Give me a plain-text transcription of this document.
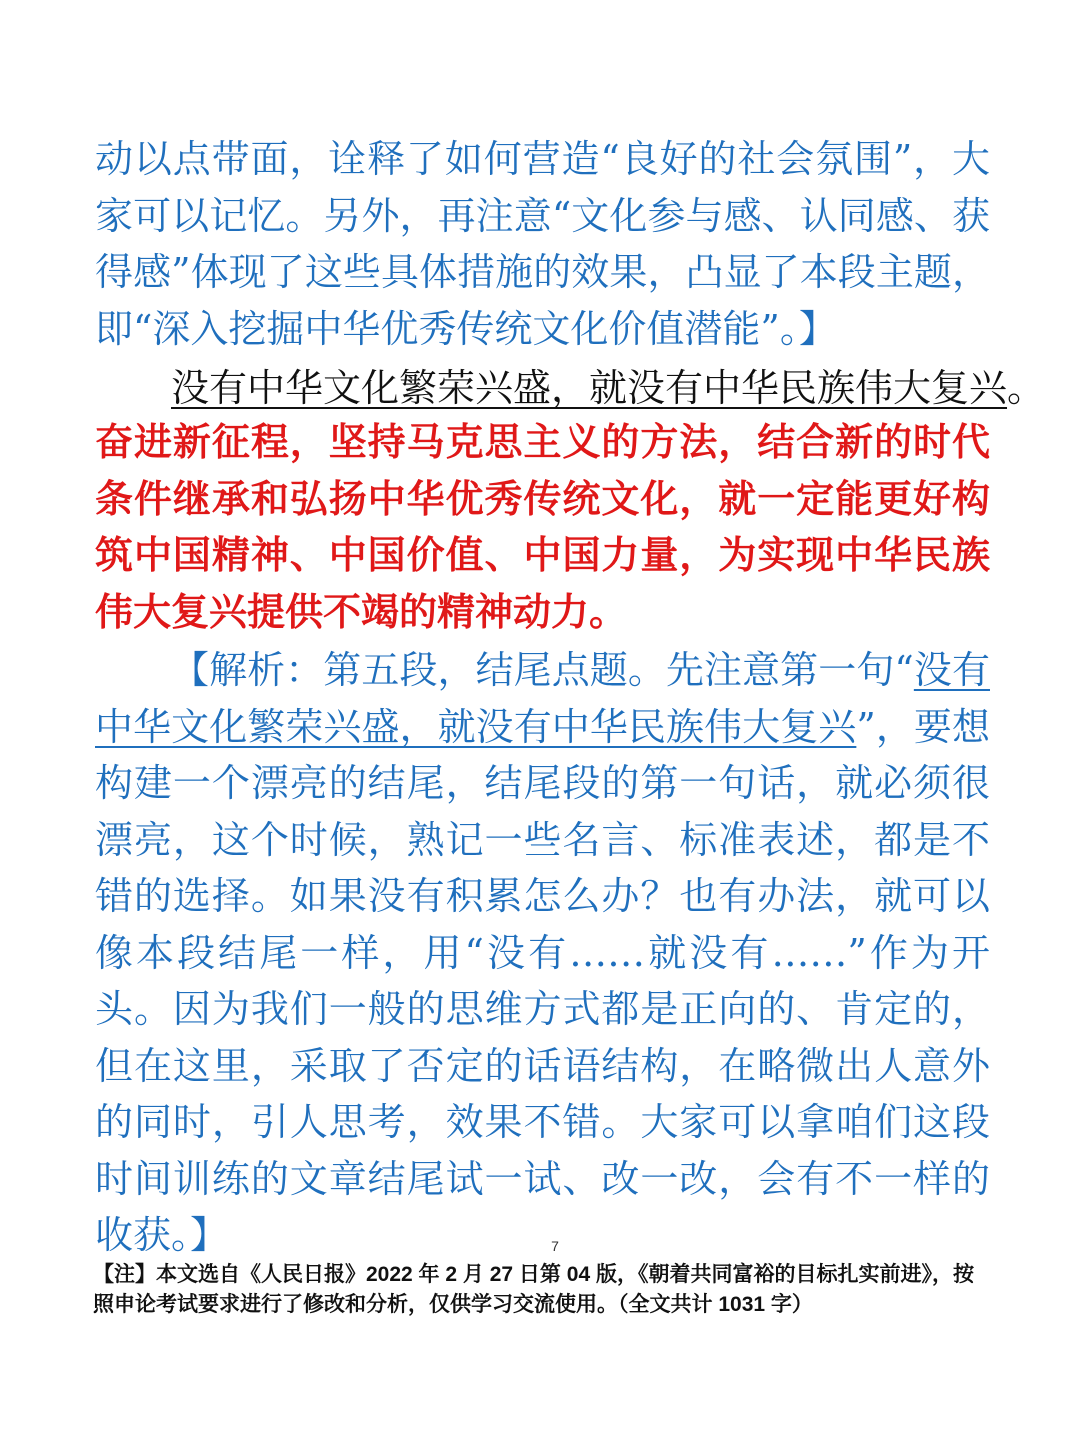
动以点带面，诠释了如何营造“良好的社会氛围”，大家可以记忆。另外，再注意“文化参与感、认同感、获得感”体现了这些具体措施的效果，凸显了本段主题，即“深入挖掘中华优秀传统文化价值潜能”。】

没有中华文化繁荣兴盛，就没有中华民族伟大复兴。

奋进新征程，坚持马克思主义的方法，结合新的时代条件继承和弘扬中华优秀传统文化，就一定能更好构筑中国精神、中国价值、中国力量，为实现中华民族伟大复兴提供不竭的精神动力。

【解析：第五段，结尾点题。先注意第一句“没有中华文化繁荣兴盛，就没有中华民族伟大复兴”，要想构建一个漂亮的结尾，结尾段的第一句话，就必须很漂亮，这个时候，熟记一些名言、标准表述，都是不错的选择。如果没有积累怎么办？也有办法，就可以像本段结尾一样，用“没有……就没有……”作为开头。因为我们一般的思维方式都是正向的、肯定的，但在这里，采取了否定的话语结构，在略微出人意外的同时，引人思考，效果不错。大家可以拿咱们这段时间训练的文章结尾试一试、改一改，会有不一样的收获。】	7

【注】本文选自《人民日报》2022 年 2 月 27 日第 04 版，《朝着共同富裕的目标扎实前进》，按照申论考试要求进行了修改和分析，仅供学习交流使用。（全文共计 1031 字）
